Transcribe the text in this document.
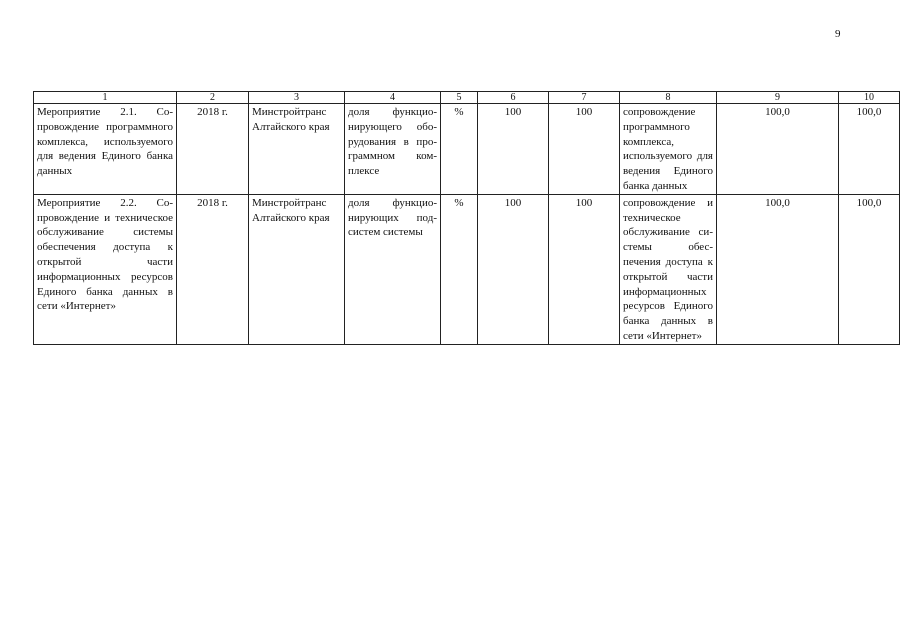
9
1	2	3	4	5	6	7	8	9	10
Мероприятие 2.1. Сопровождение программного комплекса, используемого для ведения Единого банка данных	2018 г.	Минстройтранс Алтайского края	доля функционирующего оборудования в программном комплексе	%	100	100	сопровождение программного комплекса, используемого для ведения Единого банка данных	100,0	100,0
Мероприятие 2.2. Сопровождение и техническое обслуживание системы обеспечения доступа к открытой части информационных ресурсов Единого банка данных в сети «Интернет»	2018 г.	Минстройтранс Алтайского края	доля функционирующих подсистем системы	%	100	100	сопровождение и техническое обслуживание системы обеспечения доступа к открытой части информационных ресурсов Единого банка данных в сети «Интернет»	100,0	100,0
